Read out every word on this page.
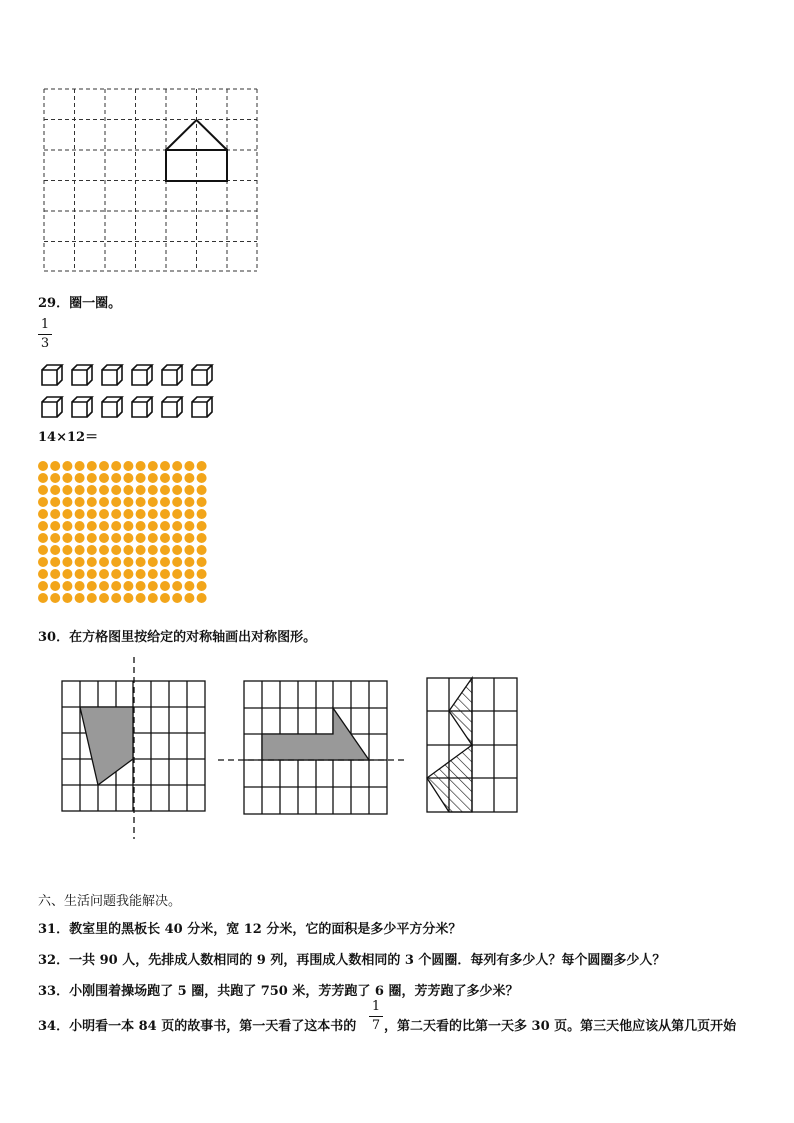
29．圈一圈。
1
3
14×12＝
30．在方格图里按给定的对称轴画出对称图形。
六、生活问题我能解决。
31．教室里的黑板长 40 分米，宽 12 分米，它的面积是多少平方分米？
32．一共 90 人，先排成人数相同的 9 列，再围成人数相同的 3 个圆圈．每列有多少人？每个圆圈多少人？
33．小刚围着操场跑了 5 圈，共跑了 750 米，芳芳跑了 6 圈，芳芳跑了多少米？
34．小明看一本 84 页的故事书，第一天看了这本书的
1
7 ，第二天看的比第一天多 30 页。第三天他应该从第几页开始
